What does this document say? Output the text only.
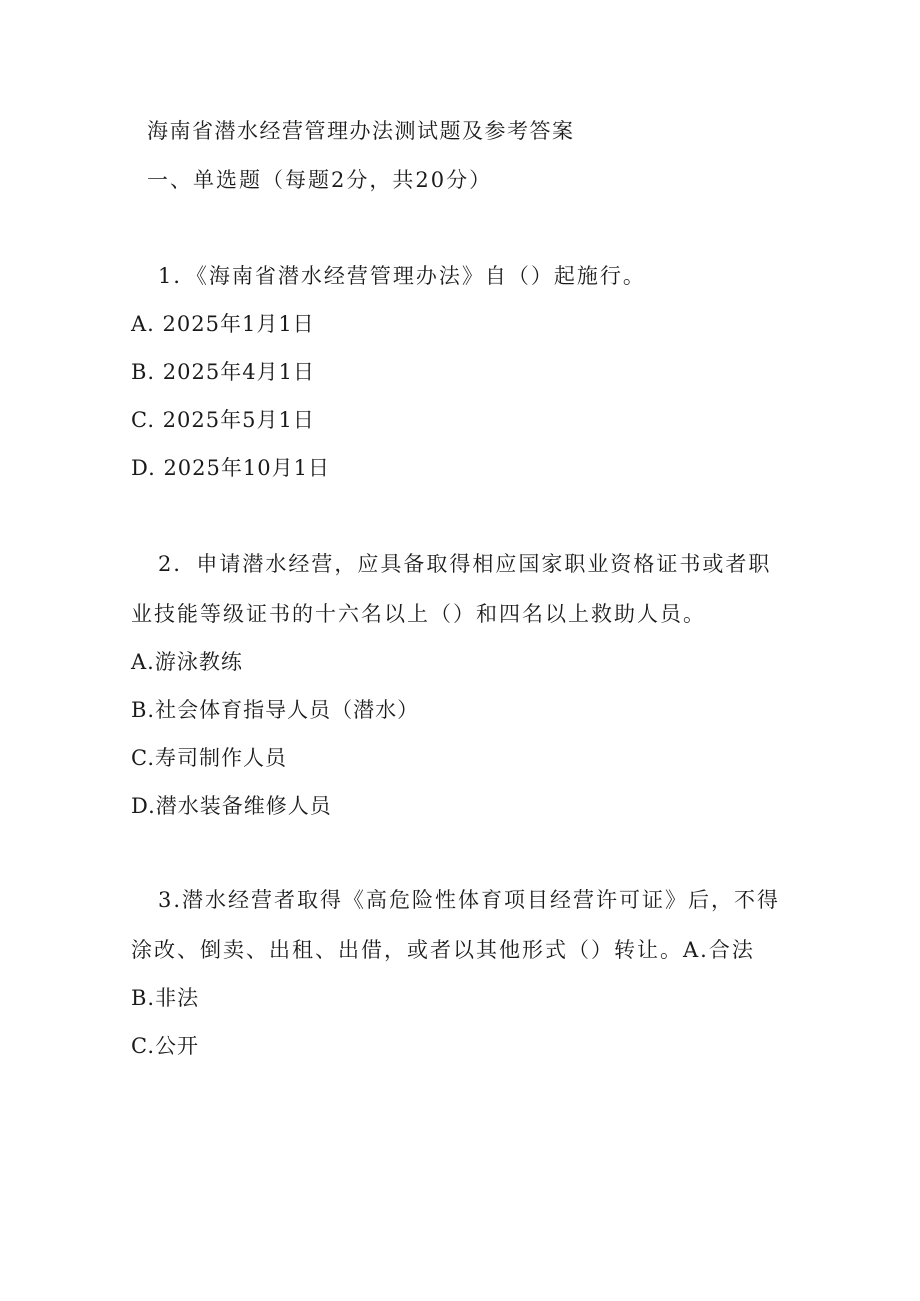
海南省潜水经营管理办法测试题及参考答案
一、单选题（每题2分，共20分）
1．《海南省潜水经营管理办法》自（）起施行。
A. 2025年1月1日
B. 2025年4月1日
C. 2025年5月1日
D. 2025年10月1日
2．申请潜水经营，应具备取得相应国家职业资格证书或者职
业技能等级证书的十六名以上（）和四名以上救助人员。
A.游泳教练
B.社会体育指导人员（潜水）
C.寿司制作人员
D.潜水装备维修人员
3.潜水经营者取得《高危险性体育项目经营许可证》后，不得
涂改、倒卖、出租、出借，或者以其他形式（）转让。A.合法
B.非法
C.公开
